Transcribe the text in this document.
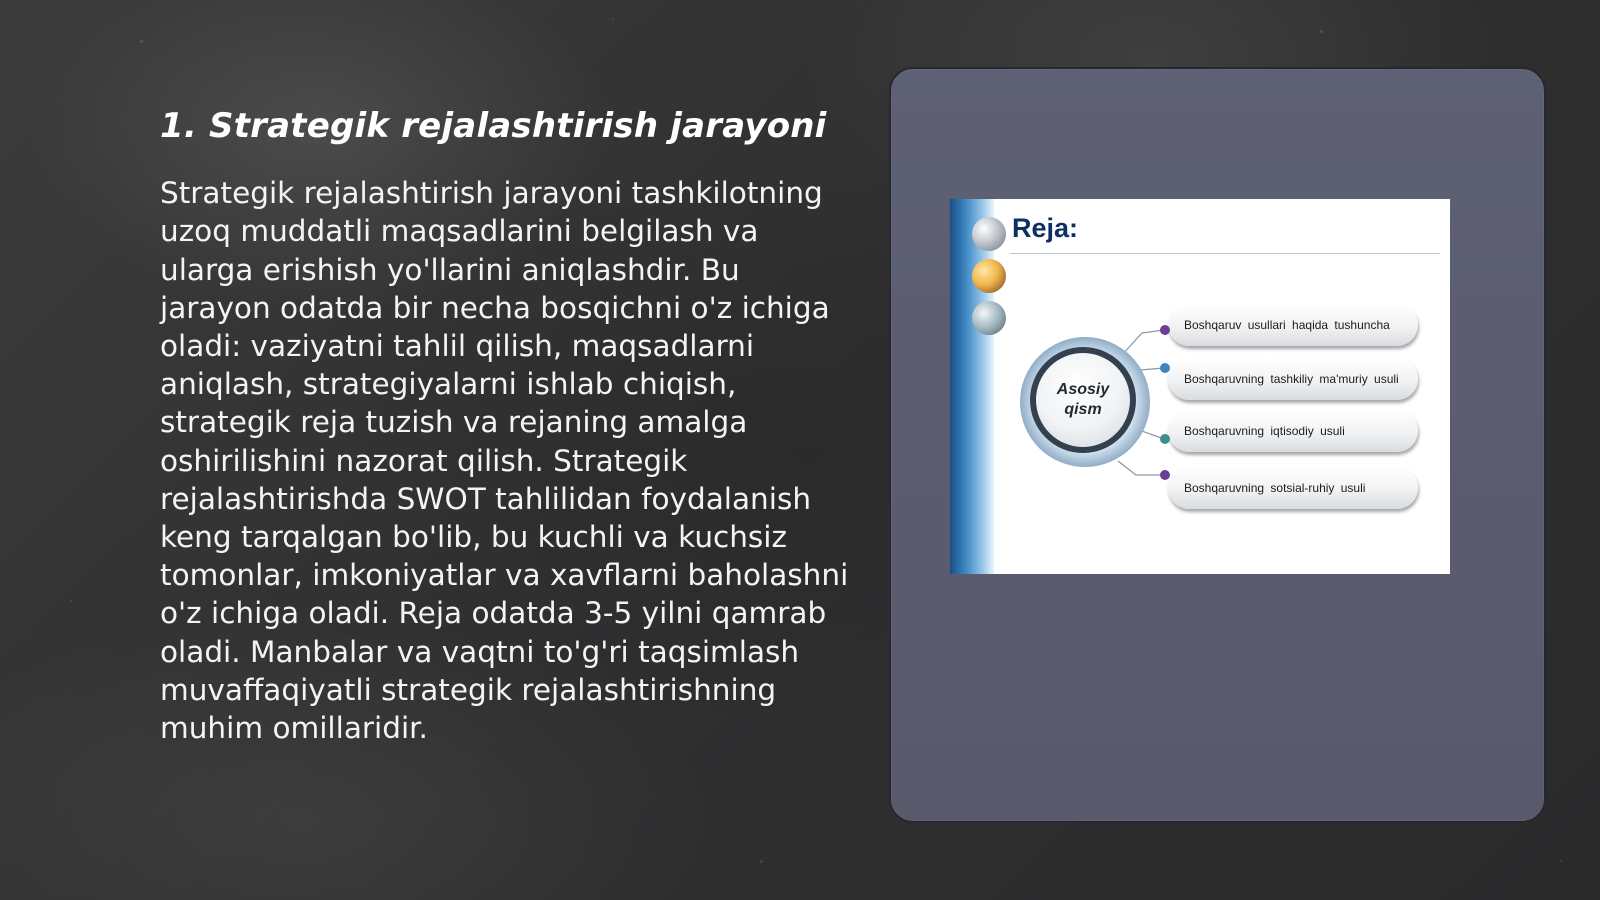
1. Strategik rejalashtirish jarayoni

Strategik rejalashtirish jarayoni tashkilotning uzoq muddatli maqsadlarini belgilash va ularga erishish yo'llarini aniqlashdir. Bu jarayon odatda bir necha bosqichni o'z ichiga oladi: vaziyatni tahlil qilish, maqsadlarni aniqlash, strategiyalarni ishlab chiqish, strategik reja tuzish va rejaning amalga oshirilishini nazorat qilish. Strategik rejalashtirishda SWOT tahlilidan foydalanish keng tarqalgan bo'lib, bu kuchli va kuchsiz tomonlar, imkoniyatlar va xavflarni baholashni o'z ichiga oladi. Reja odatda 3-5 yilni qamrab oladi. Manbalar va vaqtni to'g'ri taqsimlash muvaffaqiyatli strategik rejalashtirishning muhim omillaridir.

Reja:
Asosiy qism
Boshqaruv usullari haqida tushuncha
Boshqaruvning tashkiliy ma'muriy usuli
Boshqaruvning iqtisodiy usuli
Boshqaruvning sotsial-ruhiy usuli
